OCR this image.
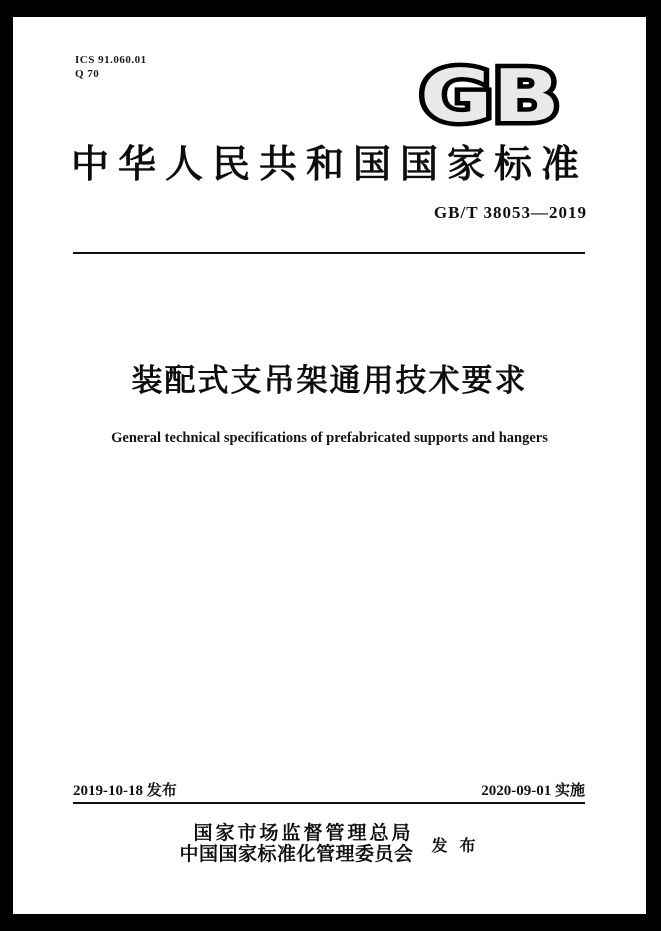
ICS 91.060.01
Q 70	GB
中华人民共和国国家标准
GB/T 38053—2019
装配式支吊架通用技术要求
General technical specifications of prefabricated supports and hangers
2019-10-18 发布	2020-09-01 实施
国家市场监督管理总局
中国国家标准化管理委员会 发 布
